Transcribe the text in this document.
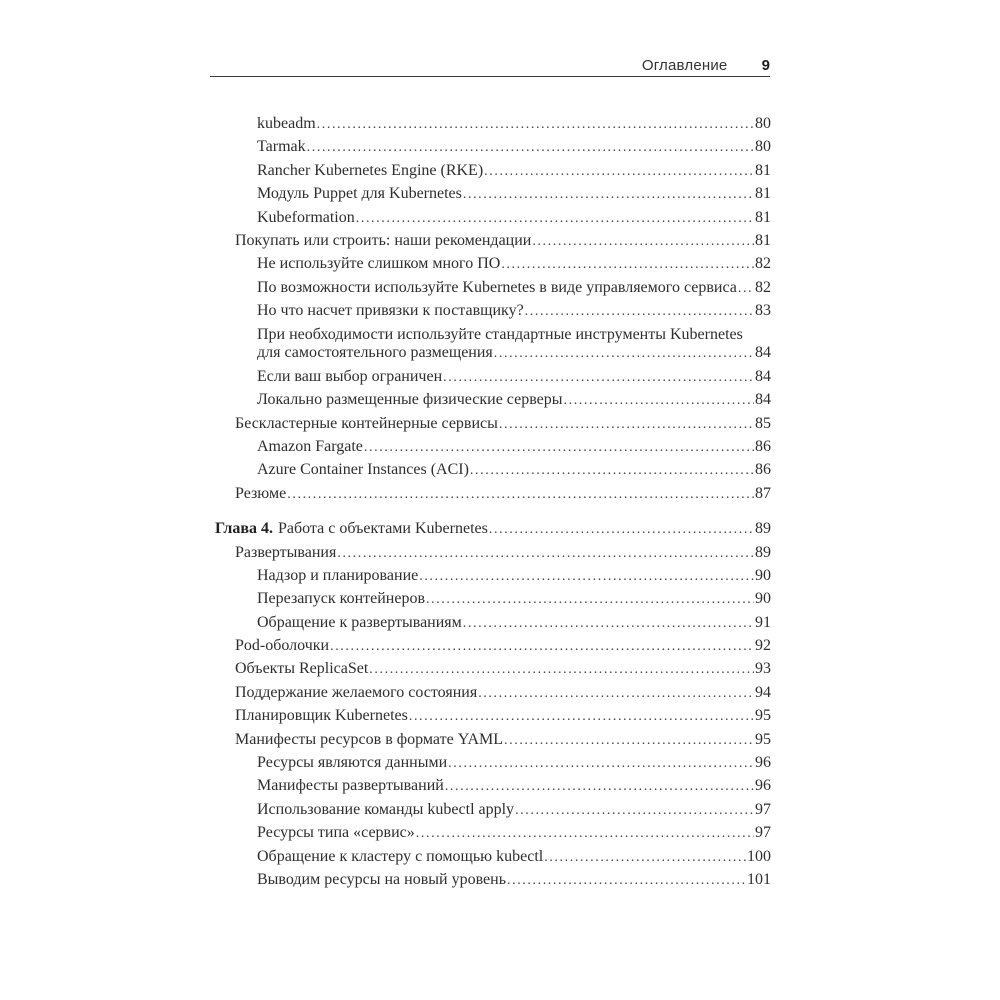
Оглавление 9
kubeadm .....	80
Tarmak .....	80
Rancher Kubernetes Engine (RKE) .....	81
Модуль Puppet для Kubernetes .....	81
Kubeformation .....	81
Покупать или строить: наши рекомендации .....	81
Не используйте слишком много ПО .....	82
По возможности используйте Kubernetes в виде управляемого сервиса ..... 82
Но что насчет привязки к поставщику? .....	83
При необходимости используйте стандартные инструменты Kubernetes
для самостоятельного размещения .....	84
Если ваш выбор ограничен .....	84
Локально размещенные физические серверы .....	84
Бескластерные контейнерные сервисы .....	85
Amazon Fargate .....	86
Azure Container Instances (ACI) .....	86
Резюме .....	87
Глава 4. Работа с объектами Kubernetes .....	89
Развертывания .....	89
Надзор и планирование .....	90
Перезапуск контейнеров .....	90
Обращение к развертываниям .....	91
Pod-оболочки .....	92
Объекты ReplicaSet .....	93
Поддержание желаемого состояния .....	94
Планировщик Kubernetes .....	95
Манифесты ресурсов в формате YAML .....	95
Ресурсы являются данными .....	96
Манифесты развертываний .....	96
Использование команды kubectl apply .....	97
Ресурсы типа «сервис» .....	97
Обращение к кластеру с помощью kubectl .....	100
Выводим ресурсы на новый уровень .....	101
